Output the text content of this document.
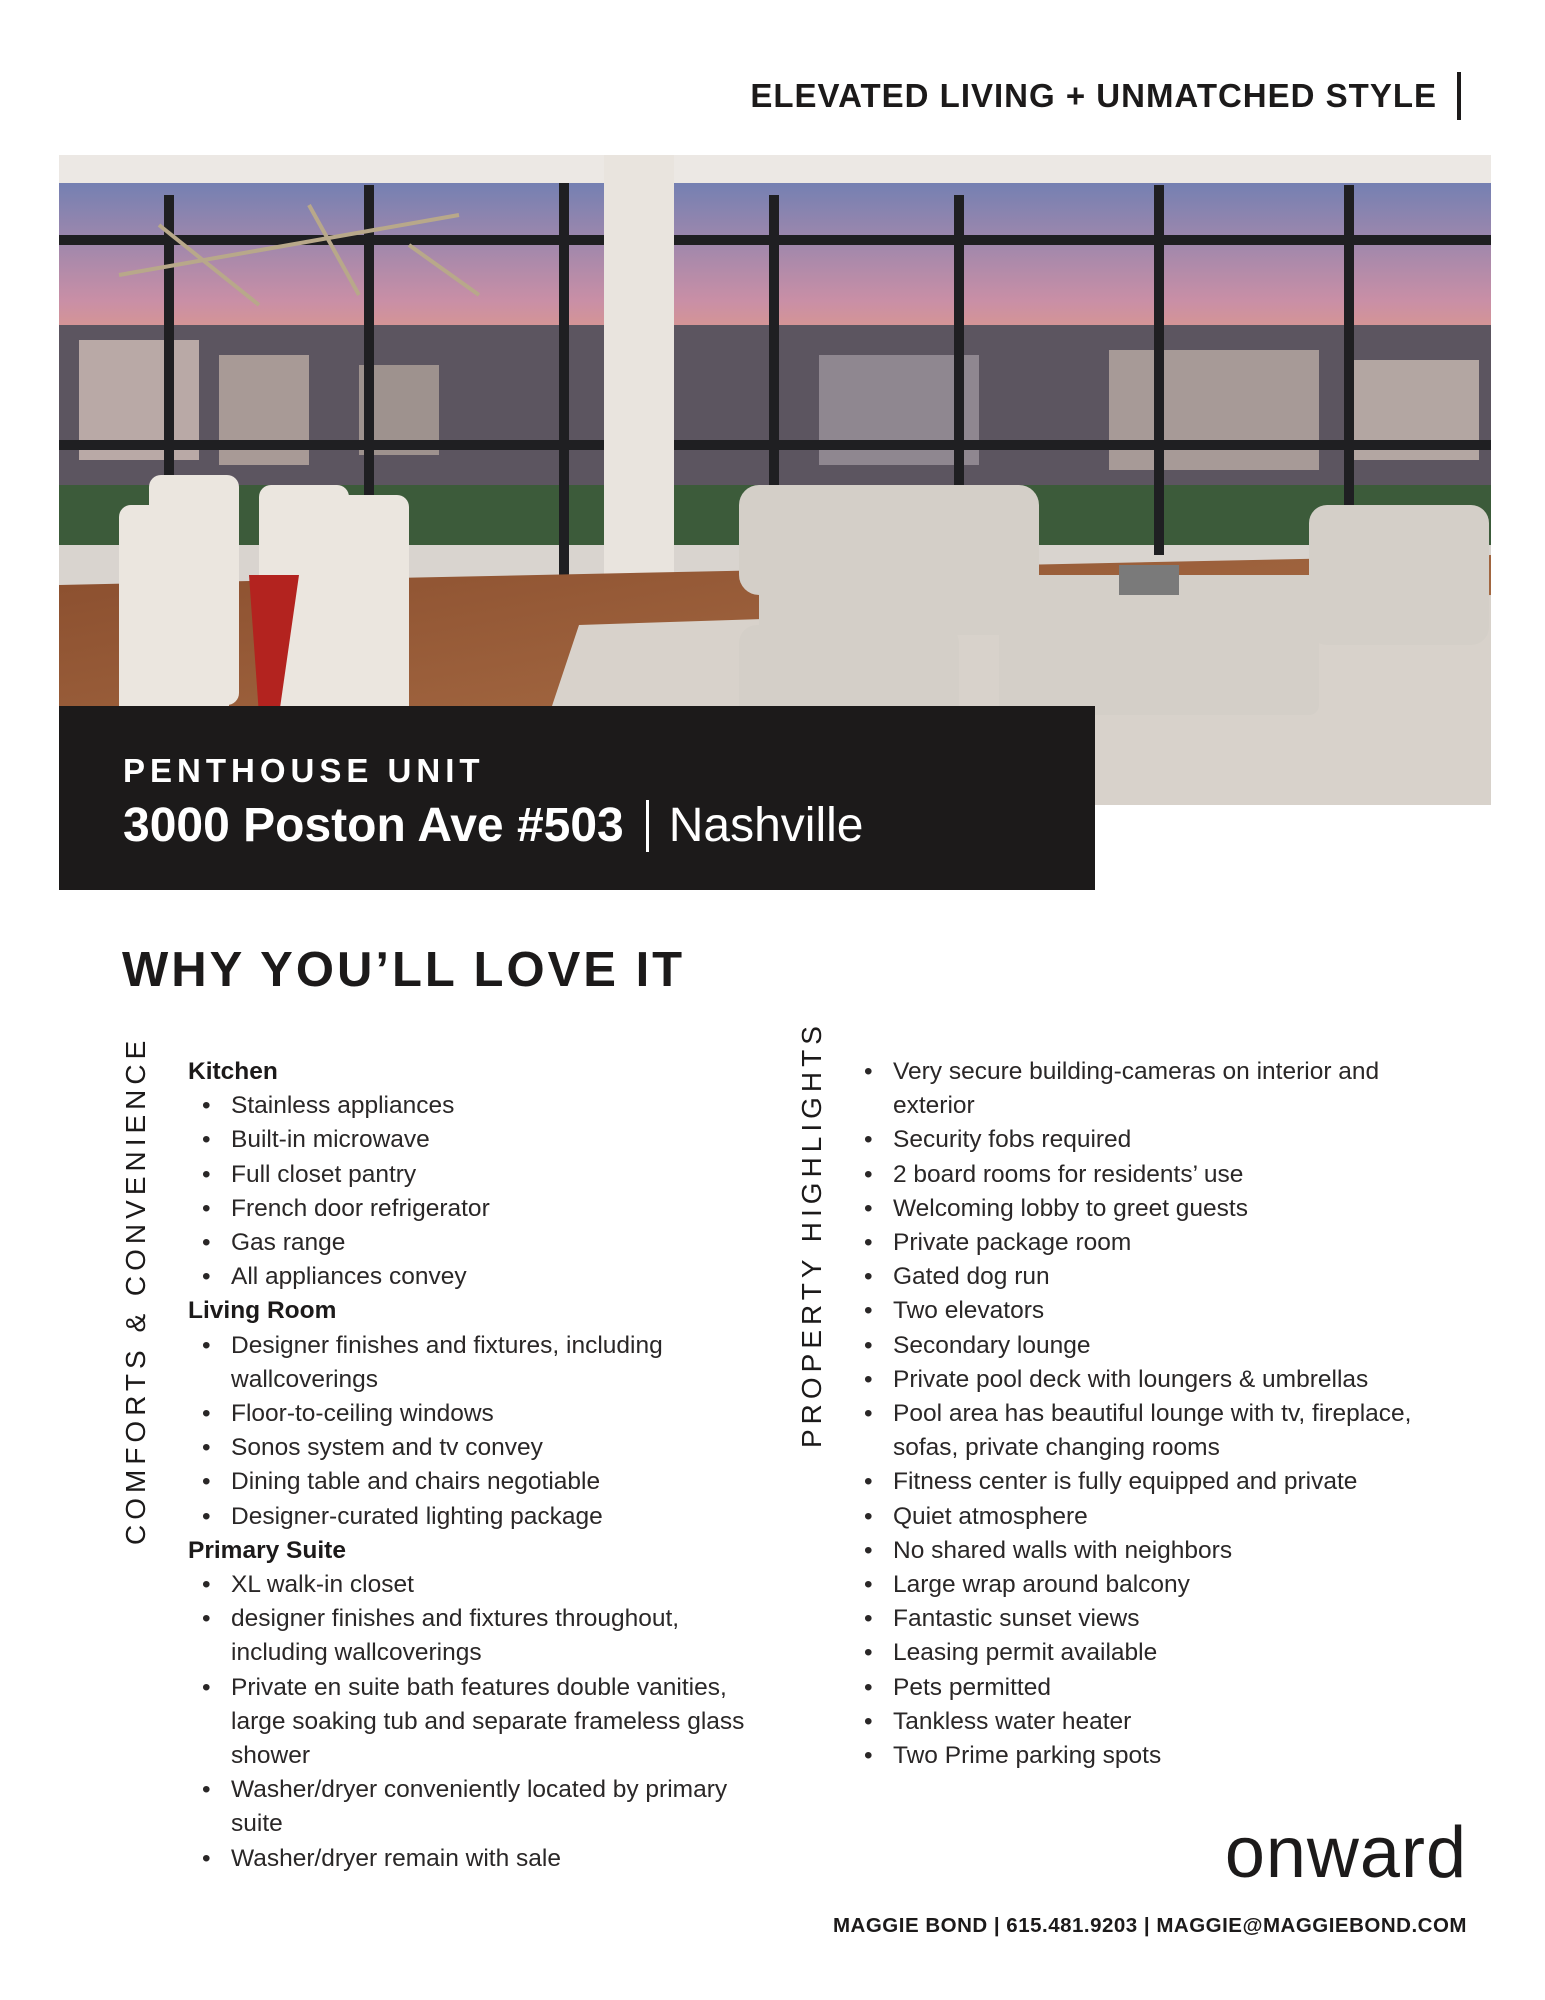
ELEVATED LIVING + UNMATCHED STYLE
PENTHOUSE UNIT
3000 Poston Ave #503 Nashville
WHY YOU’LL LOVE IT
COMFORTS & CONVENIENCE	PROPERTY HIGHLIGHTS
Kitchen
• Stainless appliances
• Built-in microwave
• Full closet pantry
• French door refrigerator
• Gas range
• All appliances convey
Living Room
• Designer finishes and fixtures, including wallcoverings
• Floor-to-ceiling windows
• Sonos system and tv convey
• Dining table and chairs negotiable
• Designer-curated lighting package
Primary Suite
• XL walk-in closet
• designer finishes and fixtures throughout, including wallcoverings
• Private en suite bath features double vanities, large soaking tub and separate frameless glass shower
• Washer/dryer conveniently located by primary suite
• Washer/dryer remain with sale
• Very secure building-cameras on interior and exterior
• Security fobs required
• 2 board rooms for residents’ use
• Welcoming lobby to greet guests
• Private package room
• Gated dog run
• Two elevators
• Secondary lounge
• Private pool deck with loungers & umbrellas
• Pool area has beautiful lounge with tv, fireplace, sofas, private changing rooms
• Fitness center is fully equipped and private
• Quiet atmosphere
• No shared walls with neighbors
• Large wrap around balcony
• Fantastic sunset views
• Leasing permit available
• Pets permitted
• Tankless water heater
• Two Prime parking spots
onward
MAGGIE BOND | 615.481.9203 | MAGGIE@MAGGIEBOND.COM
